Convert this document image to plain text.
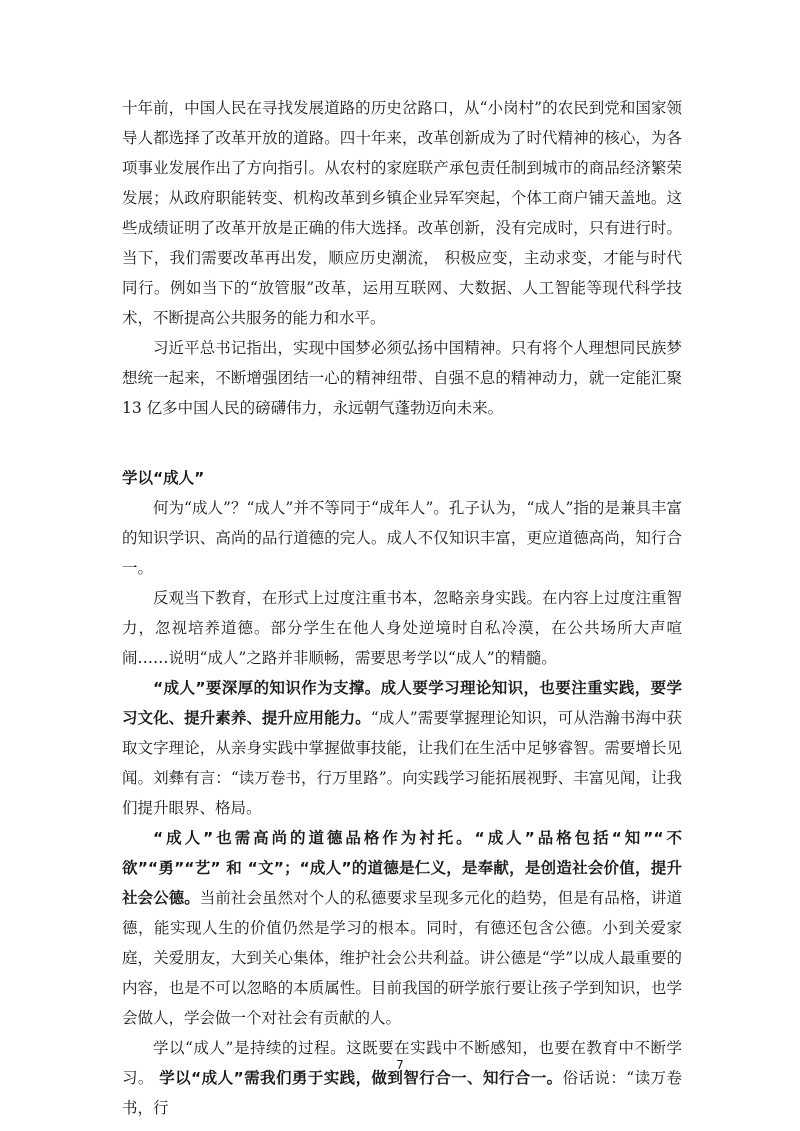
十年前，中国人民在寻找发展道路的历史岔路口，从“小岗村”的农民到党和国家领导人都选择了改革开放的道路。四十年来，改革创新成为了时代精神的核心，为各项事业发展作出了方向指引。从农村的家庭联产承包责任制到城市的商品经济繁荣发展；从政府职能转变、机构改革到乡镇企业异军突起，个体工商户铺天盖地。这些成绩证明了改革开放是正确的伟大选择。改革创新，没有完成时，只有进行时。当下，我们需要改革再出发，顺应历史潮流， 积极应变，主动求变，才能与时代同行。例如当下的“放管服”改革，运用互联网、大数据、人工智能等现代科学技术，不断提高公共服务的能力和水平。

习近平总书记指出，实现中国梦必须弘扬中国精神。只有将个人理想同民族梦想统一起来，不断增强团结一心的精神纽带、自强不息的精神动力，就一定能汇聚 13 亿多中国人民的磅礴伟力，永远朝气蓬勃迈向未来。

学以“成人”

何为“成人”？“成人”并不等同于“成年人”。孔子认为，“成人”指的是兼具丰富的知识学识、高尚的品行道德的完人。成人不仅知识丰富，更应道德高尚，知行合一。

反观当下教育，在形式上过度注重书本，忽略亲身实践。在内容上过度注重智力，忽视培养道德。部分学生在他人身处逆境时自私冷漠，在公共场所大声喧闹……说明“成人”之路并非顺畅，需要思考学以“成人”的精髓。

“成人”要深厚的知识作为支撑。成人要学习理论知识，也要注重实践，要学习文化、提升素养、提升应用能力。“成人”需要掌握理论知识，可从浩瀚书海中获取文字理论，从亲身实践中掌握做事技能，让我们在生活中足够睿智。需要增长见闻。刘彝有言：“读万卷书，行万里路”。向实践学习能拓展视野、丰富见闻，让我们提升眼界、格局。

“成人”也需高尚的道德品格作为衬托。“成人”品格包括“知”“不欲”“勇”“艺” 和 “文”；“成人”的道德是仁义，是奉献，是创造社会价值，提升社会公德。当前社会虽然对个人的私德要求呈现多元化的趋势，但是有品格，讲道德，能实现人生的价值仍然是学习的根本。同时，有德还包含公德。小到关爱家庭，关爱朋友，大到关心集体，维护社会公共利益。讲公德是“学”以成人最重要的内容，也是不可以忽略的本质属性。目前我国的研学旅行要让孩子学到知识，也学会做人，学会做一个对社会有贡献的人。

学以“成人”是持续的过程。这既要在实践中不断感知，也要在教育中不断学习。 学以“成人”需我们勇于实践，做到智行合一、知行合一。俗话说：“读万卷书，行

7
